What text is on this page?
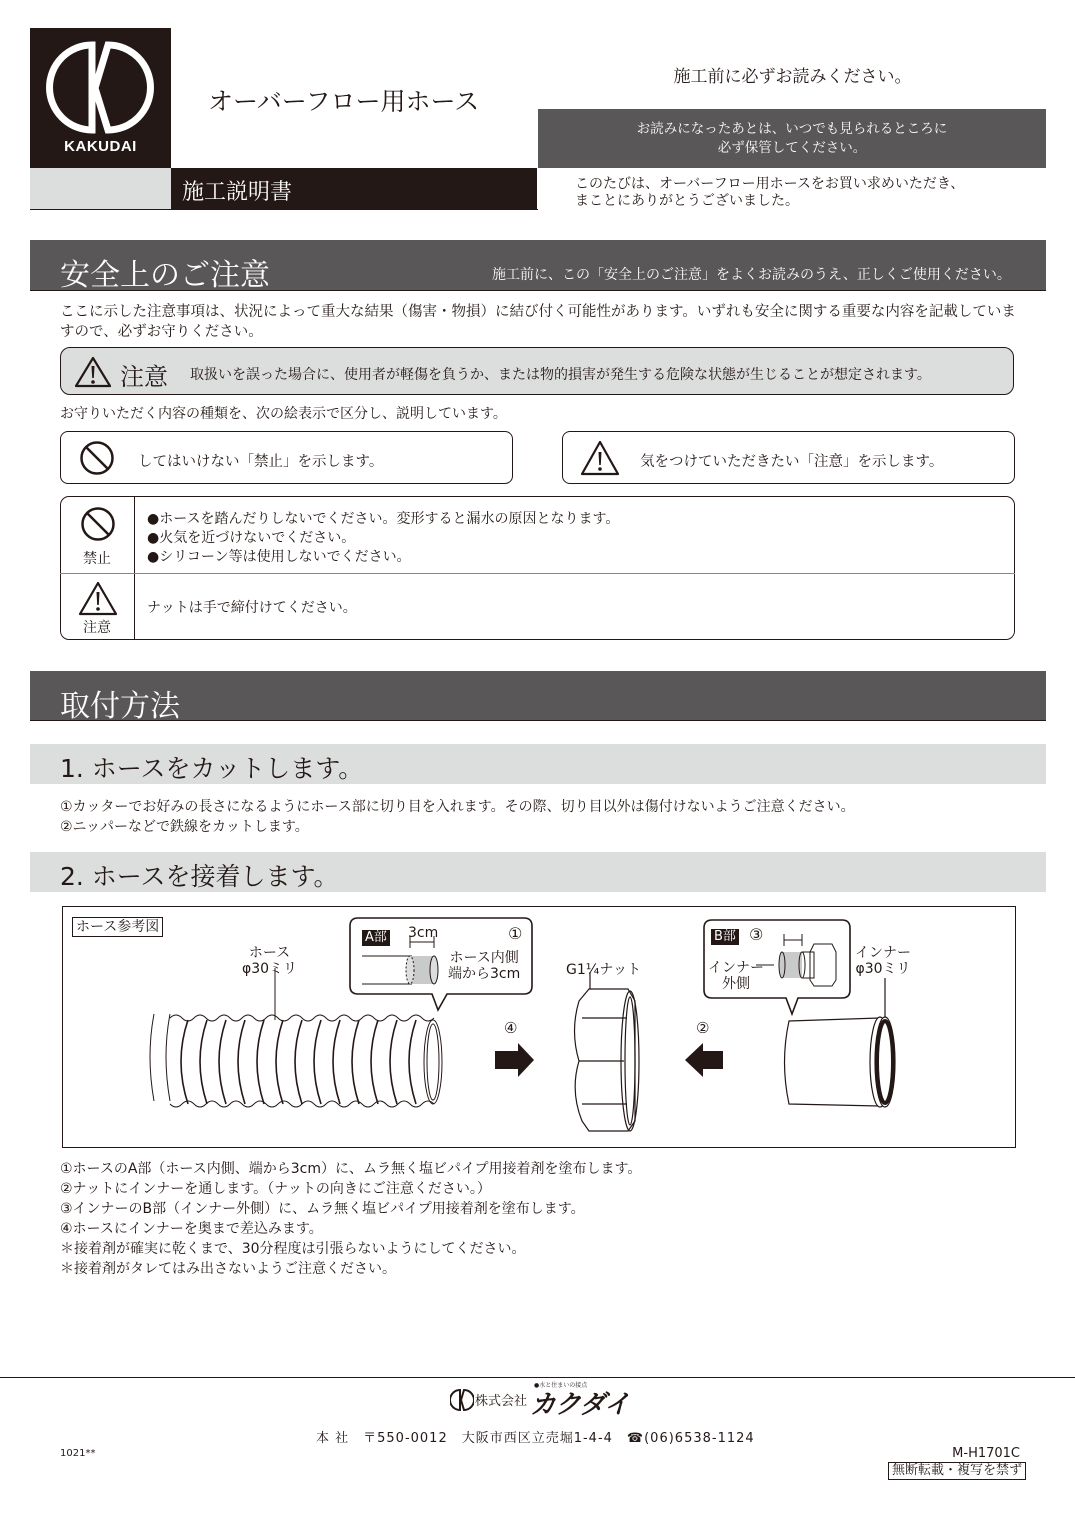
KAKUDAI
オーバーフロー用ホース
施工説明書
施工前に必ずお読みください。
お読みになったあとは、いつでも見られるところに
必ず保管してください。
このたびは、オーバーフロー用ホースをお買い求めいただき、
まことにありがとうございました。
安全上のご注意	施工前に、この「安全上のご注意」をよくお読みのうえ、正しくご使用ください。
ここに示した注意事項は、状況によって重大な結果（傷害・物損）に結び付く可能性があります。いずれも安全に関する重要な内容を記載していますので、必ずお守りください。
注意 取扱いを誤った場合に、使用者が軽傷を負うか、または物的損害が発生する危険な状態が生じることが想定されます。
お守りいただく内容の種類を、次の絵表示で区分し、説明しています。
してはいけない「禁止」を示します。	気をつけていただきたい「注意」を示します。
禁止
●ホースを踏んだりしないでください。変形すると漏水の原因となります。
●火気を近づけないでください。
●シリコーン等は使用しないでください。
注意
ナットは手で締付けてください。
取付方法
1. ホースをカットします。
①カッターでお好みの長さになるようにホース部に切り目を入れます。その際、切り目以外は傷付けないようご注意ください。
②ニッパーなどで鉄線をカットします。
2. ホースを接着します。
ホース参考図
ホース
φ30ミリ
A部 3cm	①
ホース内側
端から3cm
④
G1¼ナット
②
B部 ③
インナー
外側
インナー
φ30ミリ
①ホースのA部（ホース内側、端から3cm）に、ムラ無く塩ビパイプ用接着剤を塗布します。
②ナットにインナーを通します。（ナットの向きにご注意ください。）
③インナーのB部（インナー外側）に、ムラ無く塩ビパイプ用接着剤を塗布します。
④ホースにインナーを奥まで差込みます。
＊接着剤が確実に乾くまで、30分程度は引張らないようにしてください。
＊接着剤がタレてはみ出さないようご注意ください。
株式会社
●水と住まいの接点
カクダイ
本 社　〒550-0012　大阪市西区立売堀1-4-4　☎(06)6538-1124
1021**	M-H1701C
無断転載・複写を禁ず
